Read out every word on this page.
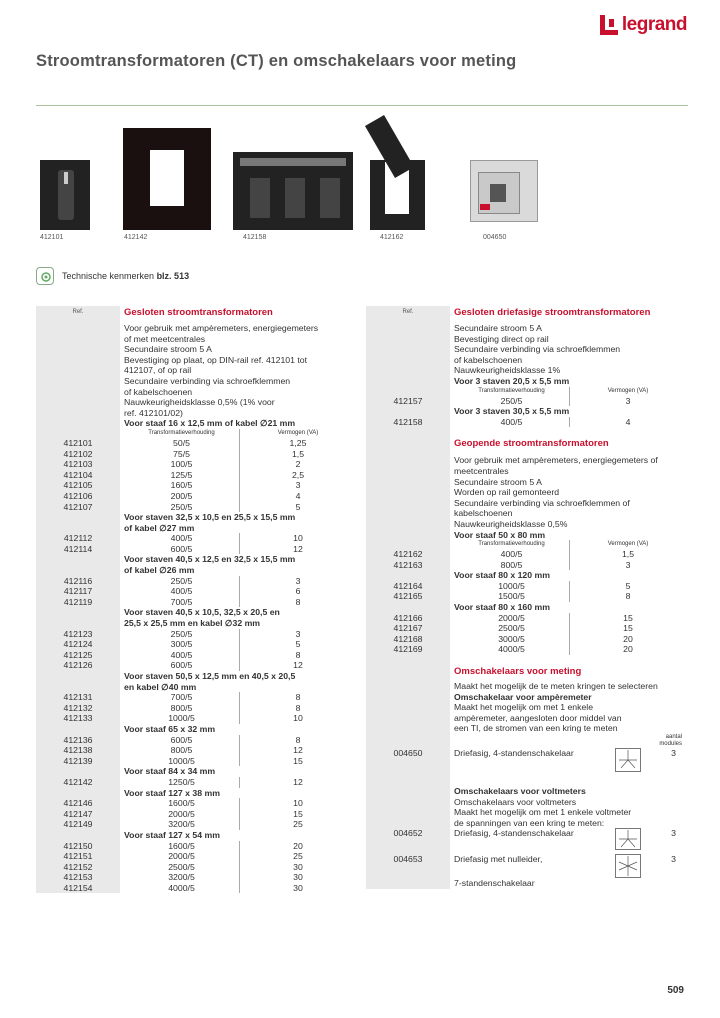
legrand
Stroomtransformatoren (CT) en omschakelaars voor meting
412101	412142	412158	412162	004650
Technische kenmerken blz. 513
Ref.	Gesloten stroomtransformatoren
Voor gebruik met ampèremeters, energiegemeters
of met meetcentrales
Secundaire stroom 5 A
Bevestiging op plaat, op DIN-rail ref. 412101 tot
412107, of op rail
Secundaire verbinding via schroefklemmen
of kabelschoenen
Nauwkeurigheidsklasse 0,5% (1% voor
ref. 412101/02)
Voor staaf 16 x 12,5 mm of kabel ∅21 mm
Transformatieverhouding	Vermogen (VA)
412101	50/5	1,25
412102	75/5	1,5
412103	100/5	2
412104	125/5	2,5
412105	160/5	3
412106	200/5	4
412107	250/5	5
Voor staven 32,5 x 10,5 en 25,5 x 15,5 mm
of kabel ∅27 mm
412112	400/5	10
412114	600/5	12
Voor staven 40,5 x 12,5 en 32,5 x 15,5 mm
of kabel ∅26 mm
412116	250/5	3
412117	400/5	6
412119	700/5	8
Voor staven 40,5 x 10,5, 32,5 x 20,5 en
25,5 x 25,5 mm en kabel ∅32 mm
412123	250/5	3
412124	300/5	5
412125	400/5	8
412126	600/5	12
Voor staven 50,5 x 12,5 mm en 40,5 x 20,5
en kabel ∅40 mm
412131	700/5	8
412132	800/5	8
412133	1000/5	10
Voor staaf 65 x 32 mm
412136	600/5	8
412138	800/5	12
412139	1000/5	15
Voor staaf 84 x 34 mm
412142	1250/5	12
Voor staaf 127 x 38 mm
412146	1600/5	10
412147	2000/5	15
412149	3200/5	25
Voor staaf 127 x 54 mm
412150	1600/5	20
412151	2000/5	25
412152	2500/5	30
412153	3200/5	30
412154	4000/5	30
Ref.	Gesloten driefasige stroomtransformatoren
Secundaire stroom 5 A
Bevestiging direct op rail
Secundaire verbinding via schroefklemmen
of kabelschoenen
Nauwkeurigheidsklasse 1%
Voor 3 staven 20,5 x 5,5 mm
Transformatieverhouding	Vermogen (VA)
412157	250/5	3
Voor 3 staven 30,5 x 5,5 mm
412158	400/5	4
Geopende stroomtransformatoren
Voor gebruik met ampèremeters, energiegemeters of
meetcentrales
Secundaire stroom 5 A
Worden op rail gemonteerd
Secundaire verbinding via schroefklemmen of
kabelschoenen
Nauwkeurigheidsklasse 0,5%
Voor staaf 50 x 80 mm
Transformatieverhouding	Vermogen (VA)
412162	400/5	1,5
412163	800/5	3
Voor staaf 80 x 120 mm
412164	1000/5	5
412165	1500/5	8
Voor staaf 80 x 160 mm
412166	2000/5	15
412167	2500/5	15
412168	3000/5	20
412169	4000/5	20
Omschakelaars voor meting
Maakt het mogelijk de te meten kringen te selecteren
Omschakelaar voor ampèremeter
Maakt het mogelijk om met 1 enkele
ampèremeter, aangesloten door middel van
een TI, de stromen van een kring te meten
aantal
modules
004650	Driefasig, 4-standenschakelaar	3
Omschakelaars voor voltmeters
Omschakelaars voor voltmeters
Maakt het mogelijk om met 1 enkele voltmeter
de spanningen van een kring te meten:
004652	Driefasig, 4-standenschakelaar	3
004653	Driefasig met nulleider,	3
7-standenschakelaar
509
